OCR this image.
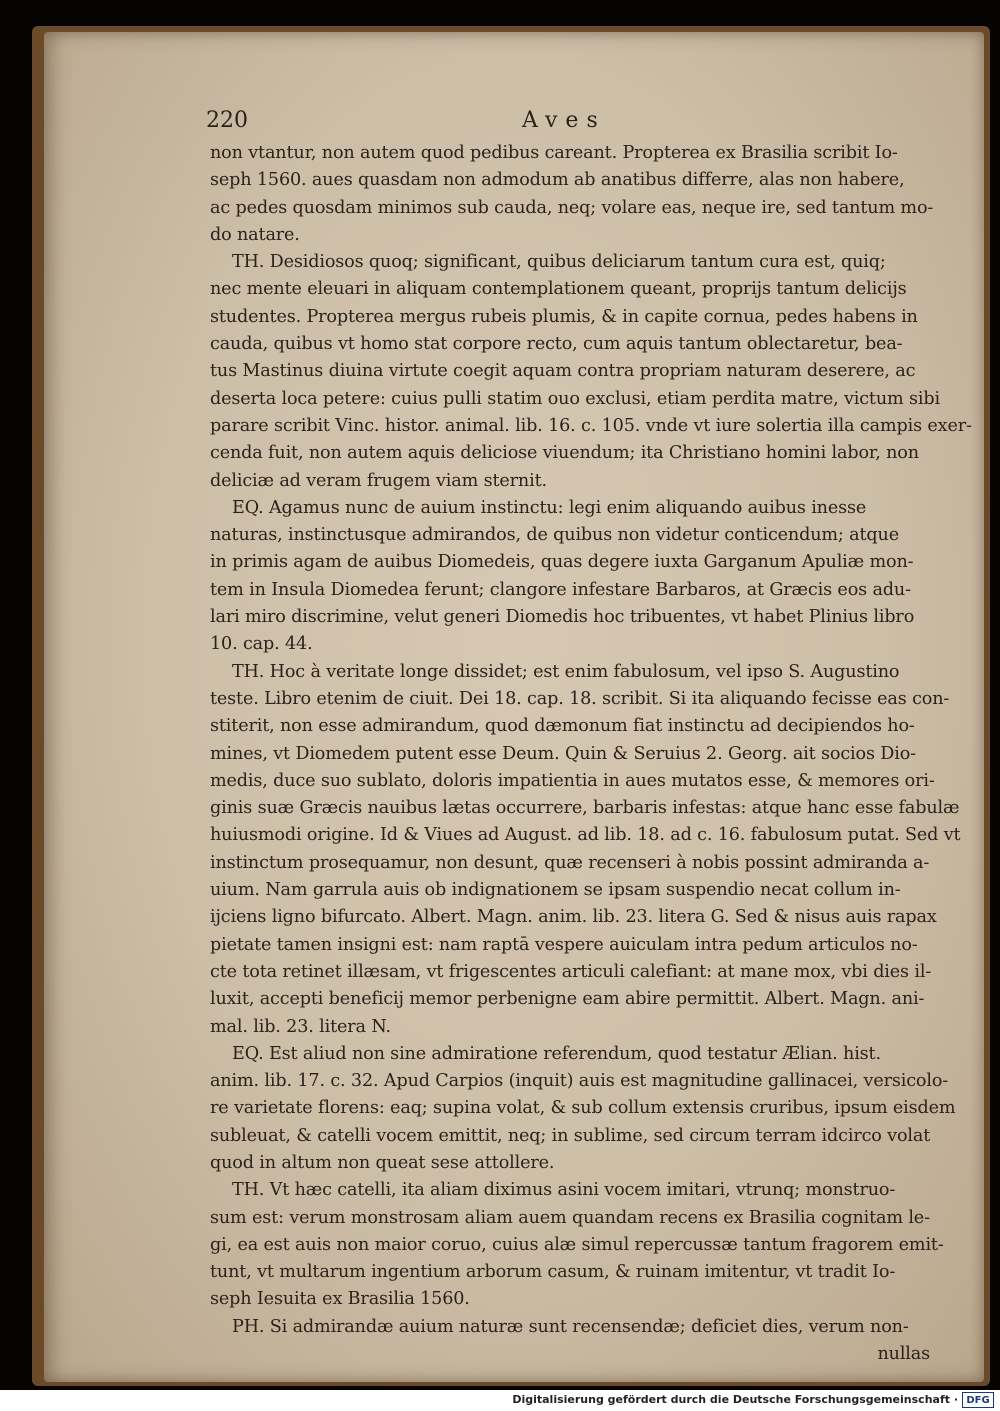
220	Aves
non vtantur, non autem quod pedibus careant. Propterea ex Brasilia scribit Io-
seph 1560. aues quasdam non admodum ab anatibus differre, alas non habere,
ac pedes quosdam minimos sub cauda, neq; volare eas, neque ire, sed tantum mo-
do natare.
TH. Desidiosos quoq; significant, quibus deliciarum tantum cura est, quiq;
nec mente eleuari in aliquam contemplationem queant, proprijs tantum delicijs
studentes. Propterea mergus rubeis plumis, & in capite cornua, pedes habens in
cauda, quibus vt homo stat corpore recto, cum aquis tantum oblectaretur, bea-
tus Mastinus diuina virtute coegit aquam contra propriam naturam deserere, ac
deserta loca petere: cuius pulli statim ouo exclusi, etiam perdita matre, victum sibi
parare scribit Vinc. histor. animal. lib. 16. c. 105. vnde vt iure solertia illa campis exer-
cenda fuit, non autem aquis deliciose viuendum; ita Christiano homini labor, non
deliciæ ad veram frugem viam sternit.
EQ. Agamus nunc de auium instinctu: legi enim aliquando auibus inesse
naturas, instinctusque admirandos, de quibus non videtur conticendum; atque
in primis agam de auibus Diomedeis, quas degere iuxta Garganum Apuliæ mon-
tem in Insula Diomedea ferunt; clangore infestare Barbaros, at Græcis eos adu-
lari miro discrimine, velut generi Diomedis hoc tribuentes, vt habet Plinius libro
10. cap. 44.
TH. Hoc à veritate longe dissidet; est enim fabulosum, vel ipso S. Augustino
teste. Libro etenim de ciuit. Dei 18. cap. 18. scribit. Si ita aliquando fecisse eas con-
stiterit, non esse admirandum, quod dæmonum fiat instinctu ad decipiendos ho-
mines, vt Diomedem putent esse Deum. Quin & Seruius 2. Georg. ait socios Dio-
medis, duce suo sublato, doloris impatientia in aues mutatos esse, & memores ori-
ginis suæ Græcis nauibus lætas occurrere, barbaris infestas: atque hanc esse fabulæ
huiusmodi origine. Id & Viues ad August. ad lib. 18. ad c. 16. fabulosum putat. Sed vt
instinctum prosequamur, non desunt, quæ recenseri à nobis possint admiranda a-
uium. Nam garrula auis ob indignationem se ipsam suspendio necat collum in-
ijciens ligno bifurcato. Albert. Magn. anim. lib. 23. litera G. Sed & nisus auis rapax
pietate tamen insigni est: nam raptā vespere auiculam intra pedum articulos no-
cte tota retinet illæsam, vt frigescentes articuli calefiant: at mane mox, vbi dies il-
luxit, accepti beneficij memor perbenigne eam abire permittit. Albert. Magn. ani-
mal. lib. 23. litera N.
EQ. Est aliud non sine admiratione referendum, quod testatur Ælian. hist.
anim. lib. 17. c. 32. Apud Carpios (inquit) auis est magnitudine gallinacei, versicolo-
re varietate florens: eaq; supina volat, & sub collum extensis cruribus, ipsum eisdem
subleuat, & catelli vocem emittit, neq; in sublime, sed circum terram idcirco volat
quod in altum non queat sese attollere.
TH. Vt hæc catelli, ita aliam diximus asini vocem imitari, vtrunq; monstruo-
sum est: verum monstrosam aliam auem quandam recens ex Brasilia cognitam le-
gi, ea est auis non maior coruo, cuius alæ simul repercussæ tantum fragorem emit-
tunt, vt multarum ingentium arborum casum, & ruinam imitentur, vt tradit Io-
seph Iesuita ex Brasilia 1560.
PH. Si admirandæ auium naturæ sunt recensendæ; deficiet dies, verum non-
nullas
Digitalisierung gefördert durch die Deutsche Forschungsgemeinschaft · DFG
